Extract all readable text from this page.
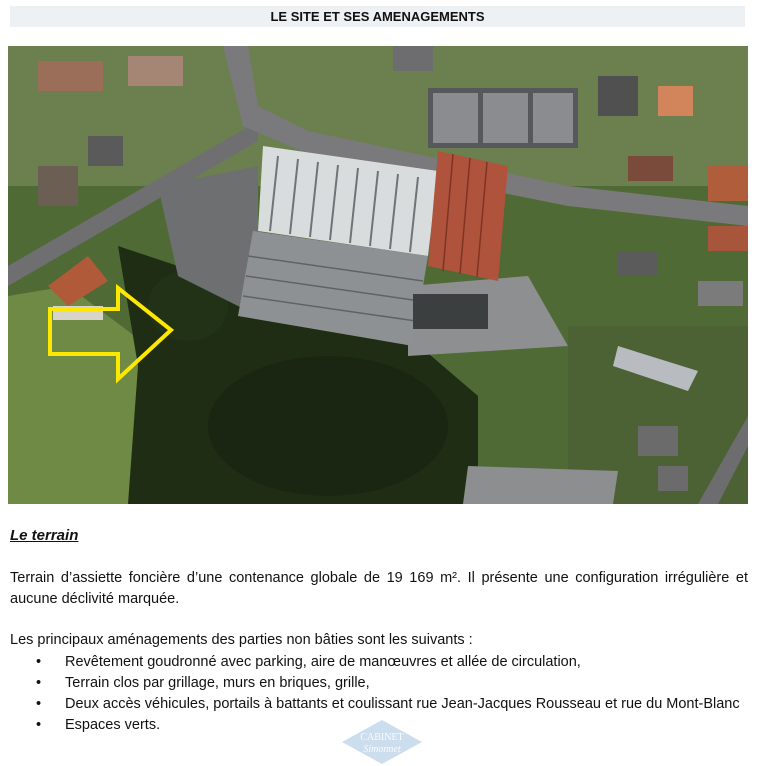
LE SITE ET SES AMENAGEMENTS
Le terrain
Terrain d’assiette foncière d’une contenance globale de 19 169 m². Il présente une configuration irrégulière et aucune déclivité marquée.
Les principaux aménagements des parties non bâties sont les suivants :
• Revêtement goudronné avec parking, aire de manœuvres et allée de circulation,
• Terrain clos par grillage, murs en briques, grille,
• Deux accès véhicules, portails à battants et coulissant rue Jean-Jacques Rousseau et rue du Mont-Blanc
• Espaces verts.
CABINET
Simonnet
